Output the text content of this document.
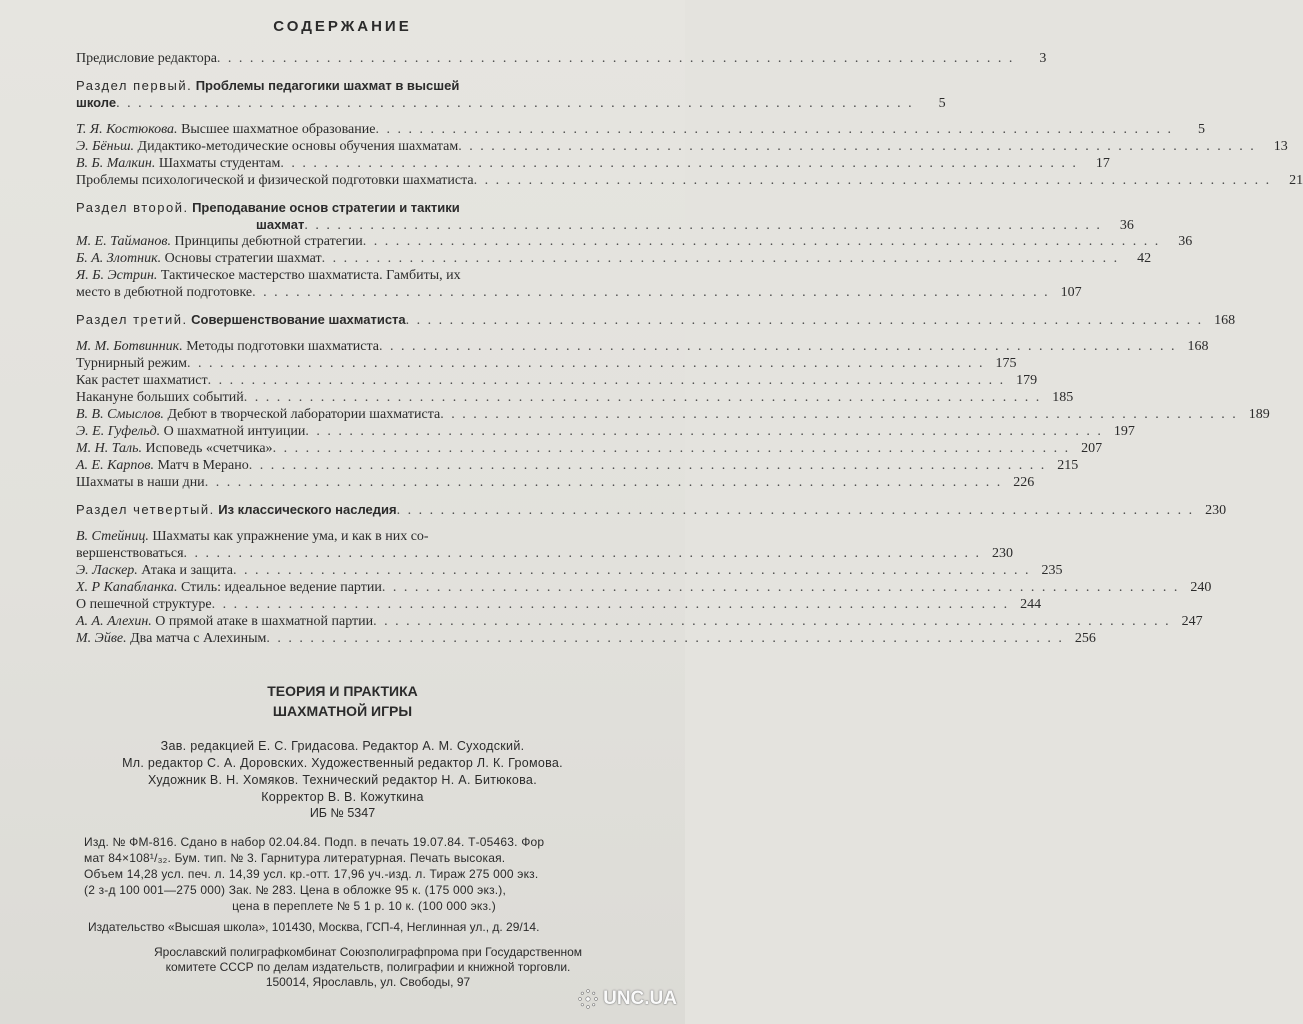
СОДЕРЖАНИЕ
Предисловие редактора . . .	3
Раздел первый. Проблемы педагогики шахмат в высшей
школе . . .	5
Т. Я. Костюкова. Высшее шахматное образование . . .	5
Э. Бёньш. Дидактико-методические основы обучения шахматам . . .	13
В. Б. Малкин. Шахматы студентам . . .	17
Проблемы психологической и физической подготовки шахматиста . . .	21
Раздел второй. Преподавание основ стратегии и тактики
шахмат . . .	36
М. Е. Тайманов. Принципы дебютной стратегии . . .	36
Б. А. Злотник. Основы стратегии шахмат . . .	42
Я. Б. Эстрин. Тактическое мастерство шахматиста. Гамбиты, их
место в дебютной подготовке . . .	107
Раздел третий. Совершенствование шахматиста . . .	168
М. М. Ботвинник. Методы подготовки шахматиста . . .	168
Турнирный режим . . .	175
Как растет шахматист . . .	179
Накануне больших событий . . .	185
В. В. Смыслов. Дебют в творческой лаборатории шахматиста . . .	189
Э. Е. Гуфельд. О шахматной интуиции . . .	197
М. Н. Таль. Исповедь «счетчика» . . .	207
А. Е. Карпов. Матч в Мерано . . .	215
Шахматы в наши дни . . .	226
Раздел четвертый. Из классического наследия . . .	230
В. Стейниц. Шахматы как упражнение ума, и как в них со-
вершенствоваться . . .	230
Э. Ласкер. Атака и защита . . .	235
Х. Р Капабланка. Стиль: идеальное ведение партии . . .	240
О пешечной структуре . . .	244
А. А. Алехин. О прямой атаке в шахматной партии . . .	247
М. Эйве. Два матча с Алехиным . . .	256
ТЕОРИЯ И ПРАКТИКА
ШАХМАТНОЙ ИГРЫ
Зав. редакцией Е. С. Гридасова. Редактор А. М. Суходский.
Мл. редактор С. А. Доровских. Художественный редактор Л. К. Громова.
Художник В. Н. Хомяков. Технический редактор Н. А. Битюкова.
Корректор В. В. Кожуткина
ИБ № 5347
Изд. № ФМ-816. Сдано в набор 02.04.84. Подп. в печать 19.07.84. Т-05463. Фор
мат 84×108¹/₃₂. Бум. тип. № 3. Гарнитура литературная. Печать высокая.
Объем 14,28 усл. печ. л. 14,39 усл. кр.-отт. 17,96 уч.-изд. л. Тираж 275 000 экз.
(2 з-д 100 001—275 000) Зак. № 283. Цена в обложке 95 к. (175 000 экз.),
цена в переплете № 5 1 р. 10 к. (100 000 экз.)
Издательство «Высшая школа», 101430, Москва, ГСП-4, Неглинная ул., д. 29/14.
Ярославский полиграфкомбинат Союзполиграфпрома при Государственном
комитете СССР по делам издательств, полиграфии и книжной торговли.
150014, Ярославль, ул. Свободы, 97
UNC.UA
